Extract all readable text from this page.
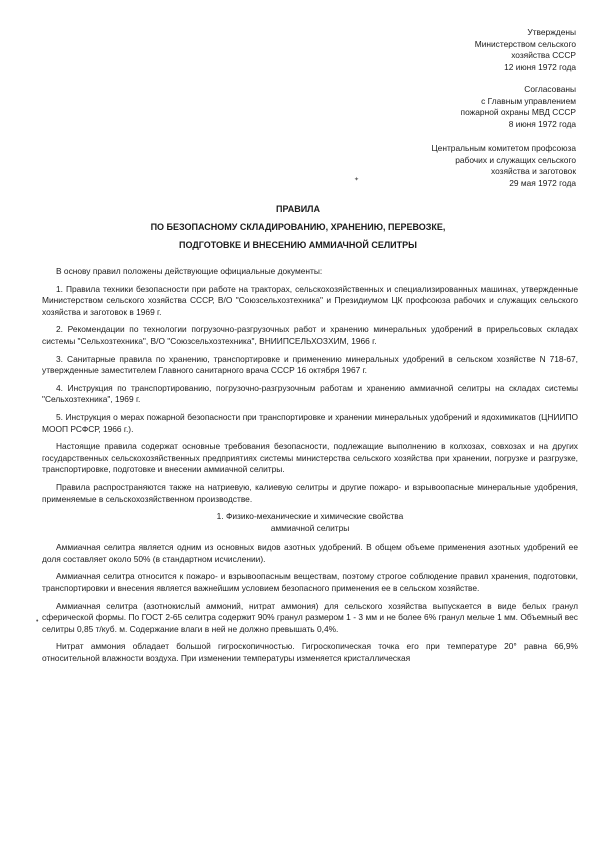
Утверждены
Министерством сельского
хозяйства СССР
12 июня 1972 года
Согласованы
с Главным управлением
пожарной охраны МВД СССР
8 июня 1972 года
Центральным комитетом профсоюза
рабочих и служащих сельского
хозяйства и заготовок
29 мая 1972 года
✦
ПРАВИЛА
ПО БЕЗОПАСНОМУ СКЛАДИРОВАНИЮ, ХРАНЕНИЮ, ПЕРЕВОЗКЕ,
ПОДГОТОВКЕ И ВНЕСЕНИЮ АММИАЧНОЙ СЕЛИТРЫ

В основу правил положены действующие официальные документы:

1. Правила техники безопасности при работе на тракторах, сельскохозяйственных и специализированных машинах, утвержденные Министерством сельского хозяйства СССР, В/О "Союзсельхозтехника" и Президиумом ЦК профсоюза рабочих и служащих сельского хозяйства и заготовок в 1969 г.

2. Рекомендации по технологии погрузочно-разгрузочных работ и хранению минеральных удобрений в прирельсовых складах системы "Сельхозтехника", В/О "Союзсельхозтехника", ВНИИПСЕЛЬХОЗХИМ, 1966 г.

3. Санитарные правила по хранению, транспортировке и применению минеральных удобрений в сельском хозяйстве N 718-67, утвержденные заместителем Главного санитарного врача СССР 16 октября 1967 г.

4. Инструкция по транспортированию, погрузочно-разгрузочным работам и хранению аммиачной селитры на складах системы "Сельхозтехника", 1969 г.

5. Инструкция о мерах пожарной безопасности при транспортировке и хранении минеральных удобрений и ядохимикатов (ЦНИИПО МООП РСФСР, 1966 г.).

Настоящие правила содержат основные требования безопасности, подлежащие выполнению в колхозах, совхозах и на других государственных сельскохозяйственных предприятиях системы министерства сельского хозяйства при хранении, погрузке и разгрузке, транспортировке, подготовке и внесении аммиачной селитры.

Правила распространяются также на натриевую, калиевую селитры и другие пожаро- и взрывоопасные минеральные удобрения, применяемые в сельскохозяйственном производстве.

1. Физико-механические и химические свойства
аммиачной селитры

Аммиачная селитра является одним из основных видов азотных удобрений. В общем объеме применения азотных удобрений ее доля составляет около 50% (в стандартном исчислении).

Аммиачная селитра относится к пожаро- и взрывоопасным веществам, поэтому строгое соблюдение правил хранения, подготовки, транспортировки и внесения является важнейшим условием безопасного применения ее в сельском хозяйстве.

Аммиачная селитра (азотнокислый аммоний, нитрат аммония) для сельского хозяйства выпускается в виде белых гранул сферической формы. По ГОСТ 2-65 селитра содержит 90% гранул размером 1 - 3 мм и не более 6% гранул мельче 1 мм. Объемный вес селитры 0,85 т/куб. м. Содержание влаги в ней не должно превышать 0,4%.

Нитрат аммония обладает большой гигроскопичностью. Гигроскопическая точка его при температуре 20° равна 66,9% относительной влажности воздуха. При изменении температуры изменяется кристаллическая

•
